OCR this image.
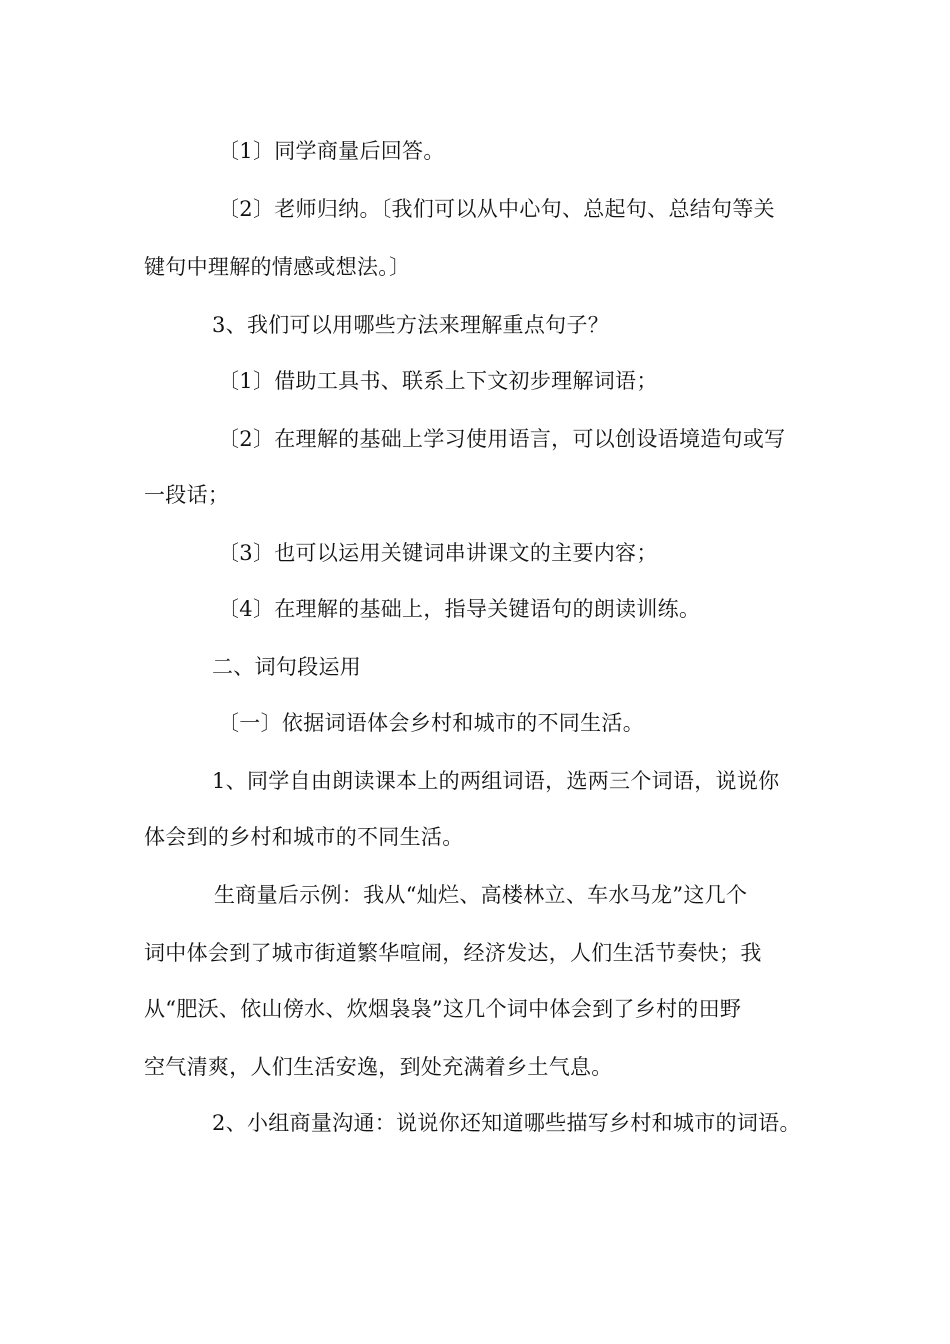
〔1〕同学商量后回答。
〔2〕老师归纳。〔我们可以从中心句、总起句、总结句等关
键句中理解的情感或想法。〕
3、我们可以用哪些方法来理解重点句子？
〔1〕借助工具书、联系上下文初步理解词语；
〔2〕在理解的基础上学习使用语言，可以创设语境造句或写
一段话；
〔3〕也可以运用关键词串讲课文的主要内容；
〔4〕在理解的基础上，指导关键语句的朗读训练。
二、词句段运用
〔一〕依据词语体会乡村和城市的不同生活。
1、同学自由朗读课本上的两组词语，选两三个词语，说说你
体会到的乡村和城市的不同生活。
生商量后示例：我从“灿烂、高楼林立、车水马龙”这几个
词中体会到了城市街道繁华喧闹，经济发达，人们生活节奏快；我
从“肥沃、依山傍水、炊烟袅袅”这几个词中体会到了乡村的田野
空气清爽，人们生活安逸，到处充满着乡土气息。
2、小组商量沟通：说说你还知道哪些描写乡村和城市的词语。
